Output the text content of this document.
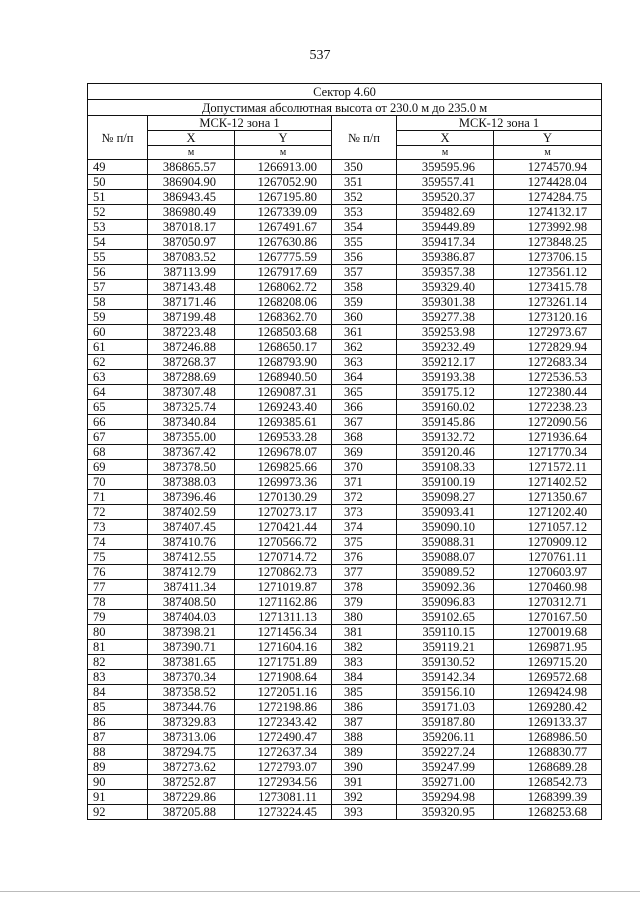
537
Сектор 4.60					
Допустимая абсолютная высота от 230.0 м до 235.0 м					
№ п/п	МСК-12 зона 1		№ п/п	МСК-12 зона 1	
	X	Y		X	Y
	м	м		м	м
49	386865.57	1266913.00	350	359595.96	1274570.94
50	386904.90	1267052.90	351	359557.41	1274428.04
51	386943.45	1267195.80	352	359520.37	1274284.75
52	386980.49	1267339.09	353	359482.69	1274132.17
53	387018.17	1267491.67	354	359449.89	1273992.98
54	387050.97	1267630.86	355	359417.34	1273848.25
55	387083.52	1267775.59	356	359386.87	1273706.15
56	387113.99	1267917.69	357	359357.38	1273561.12
57	387143.48	1268062.72	358	359329.40	1273415.78
58	387171.46	1268208.06	359	359301.38	1273261.14
59	387199.48	1268362.70	360	359277.38	1273120.16
60	387223.48	1268503.68	361	359253.98	1272973.67
61	387246.88	1268650.17	362	359232.49	1272829.94
62	387268.37	1268793.90	363	359212.17	1272683.34
63	387288.69	1268940.50	364	359193.38	1272536.53
64	387307.48	1269087.31	365	359175.12	1272380.44
65	387325.74	1269243.40	366	359160.02	1272238.23
66	387340.84	1269385.61	367	359145.86	1272090.56
67	387355.00	1269533.28	368	359132.72	1271936.64
68	387367.42	1269678.07	369	359120.46	1271770.34
69	387378.50	1269825.66	370	359108.33	1271572.11
70	387388.03	1269973.36	371	359100.19	1271402.52
71	387396.46	1270130.29	372	359098.27	1271350.67
72	387402.59	1270273.17	373	359093.41	1271202.40
73	387407.45	1270421.44	374	359090.10	1271057.12
74	387410.76	1270566.72	375	359088.31	1270909.12
75	387412.55	1270714.72	376	359088.07	1270761.11
76	387412.79	1270862.73	377	359089.52	1270603.97
77	387411.34	1271019.87	378	359092.36	1270460.98
78	387408.50	1271162.86	379	359096.83	1270312.71
79	387404.03	1271311.13	380	359102.65	1270167.50
80	387398.21	1271456.34	381	359110.15	1270019.68
81	387390.71	1271604.16	382	359119.21	1269871.95
82	387381.65	1271751.89	383	359130.52	1269715.20
83	387370.34	1271908.64	384	359142.34	1269572.68
84	387358.52	1272051.16	385	359156.10	1269424.98
85	387344.76	1272198.86	386	359171.03	1269280.42
86	387329.83	1272343.42	387	359187.80	1269133.37
87	387313.06	1272490.47	388	359206.11	1268986.50
88	387294.75	1272637.34	389	359227.24	1268830.77
89	387273.62	1272793.07	390	359247.99	1268689.28
90	387252.87	1272934.56	391	359271.00	1268542.73
91	387229.86	1273081.11	392	359294.98	1268399.39
92	387205.88	1273224.45	393	359320.95	1268253.68
